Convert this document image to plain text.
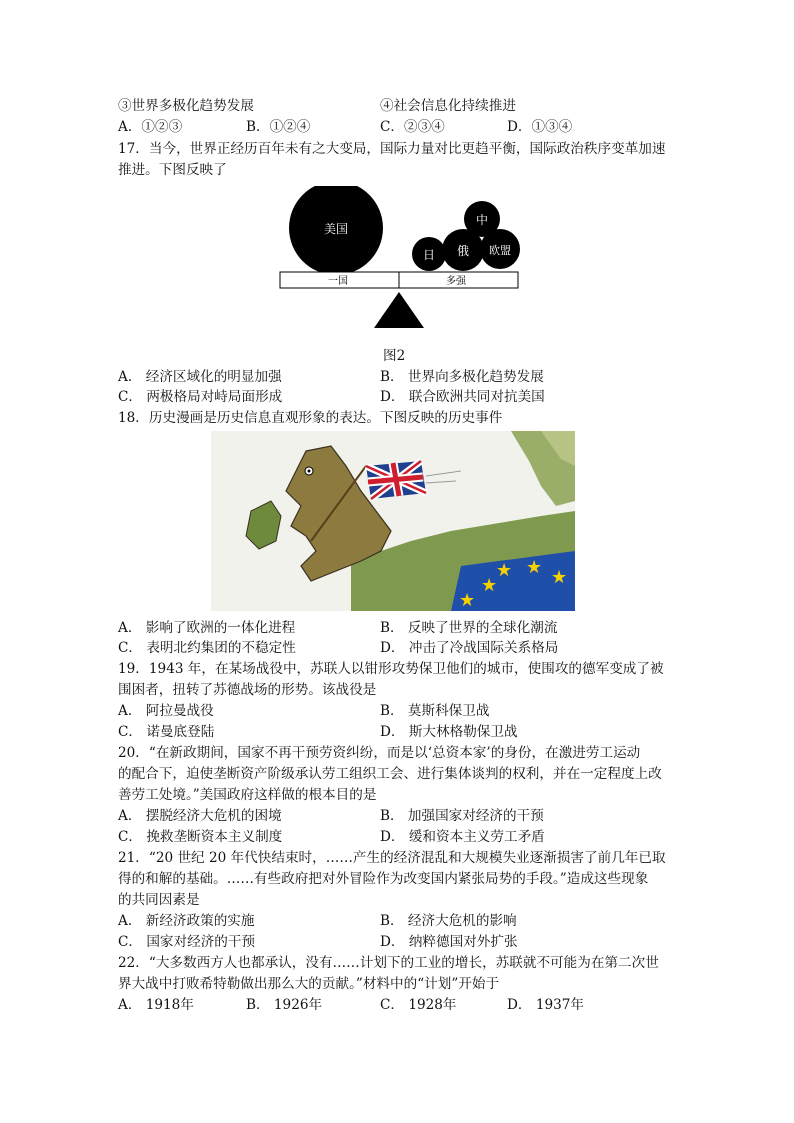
③世界多极化趋势发展	④社会信息化持续推进
A．①②③	B．①②④	C．②③④	D．①③④
17．当今，世界正经历百年未有之大变局，国际力量对比更趋平衡，国际政治秩序变革加速
推进。下图反映了
美国
中
日 俄 欧盟
一国	多强
图2
A． 经济区域化的明显加强	B． 世界向多极化趋势发展
C． 两极格局对峙局面形成	D． 联合欧洲共同对抗美国
18．历史漫画是历史信息直观形象的表达。下图反映的历史事件
★ ★ ★
★
★
A． 影响了欧洲的一体化进程	B． 反映了世界的全球化潮流
C． 表明北约集团的不稳定性	D． 冲击了冷战国际关系格局
19．1943 年，在某场战役中，苏联人以钳形攻势保卫他们的城市，使围攻的德军变成了被
围困者，扭转了苏德战场的形势。该战役是
A． 阿拉曼战役	B． 莫斯科保卫战
C． 诺曼底登陆	D． 斯大林格勒保卫战
20．“在新政期间，国家不再干预劳资纠纷，而是以‘总资本家’的身份，在激进劳工运动
的配合下，迫使垄断资产阶级承认劳工组织工会、进行集体谈判的权利，并在一定程度上改
善劳工处境。”美国政府这样做的根本目的是
A． 摆脱经济大危机的困境	B． 加强国家对经济的干预
C． 挽救垄断资本主义制度	D． 缓和资本主义劳工矛盾
21．“20 世纪 20 年代快结束时，……产生的经济混乱和大规模失业逐渐损害了前几年已取
得的和解的基础。……有些政府把对外冒险作为改变国内紧张局势的手段。”造成这些现象
的共同因素是
A． 新经济政策的实施	B． 经济大危机的影响
C． 国家对经济的干预	D． 纳粹德国对外扩张
22．“大多数西方人也都承认，没有……计划下的工业的增长，苏联就不可能为在第二次世
界大战中打败希特勒做出那么大的贡献。”材料中的“计划”开始于
A． 1918年	B． 1926年	C． 1928年	D． 1937年
